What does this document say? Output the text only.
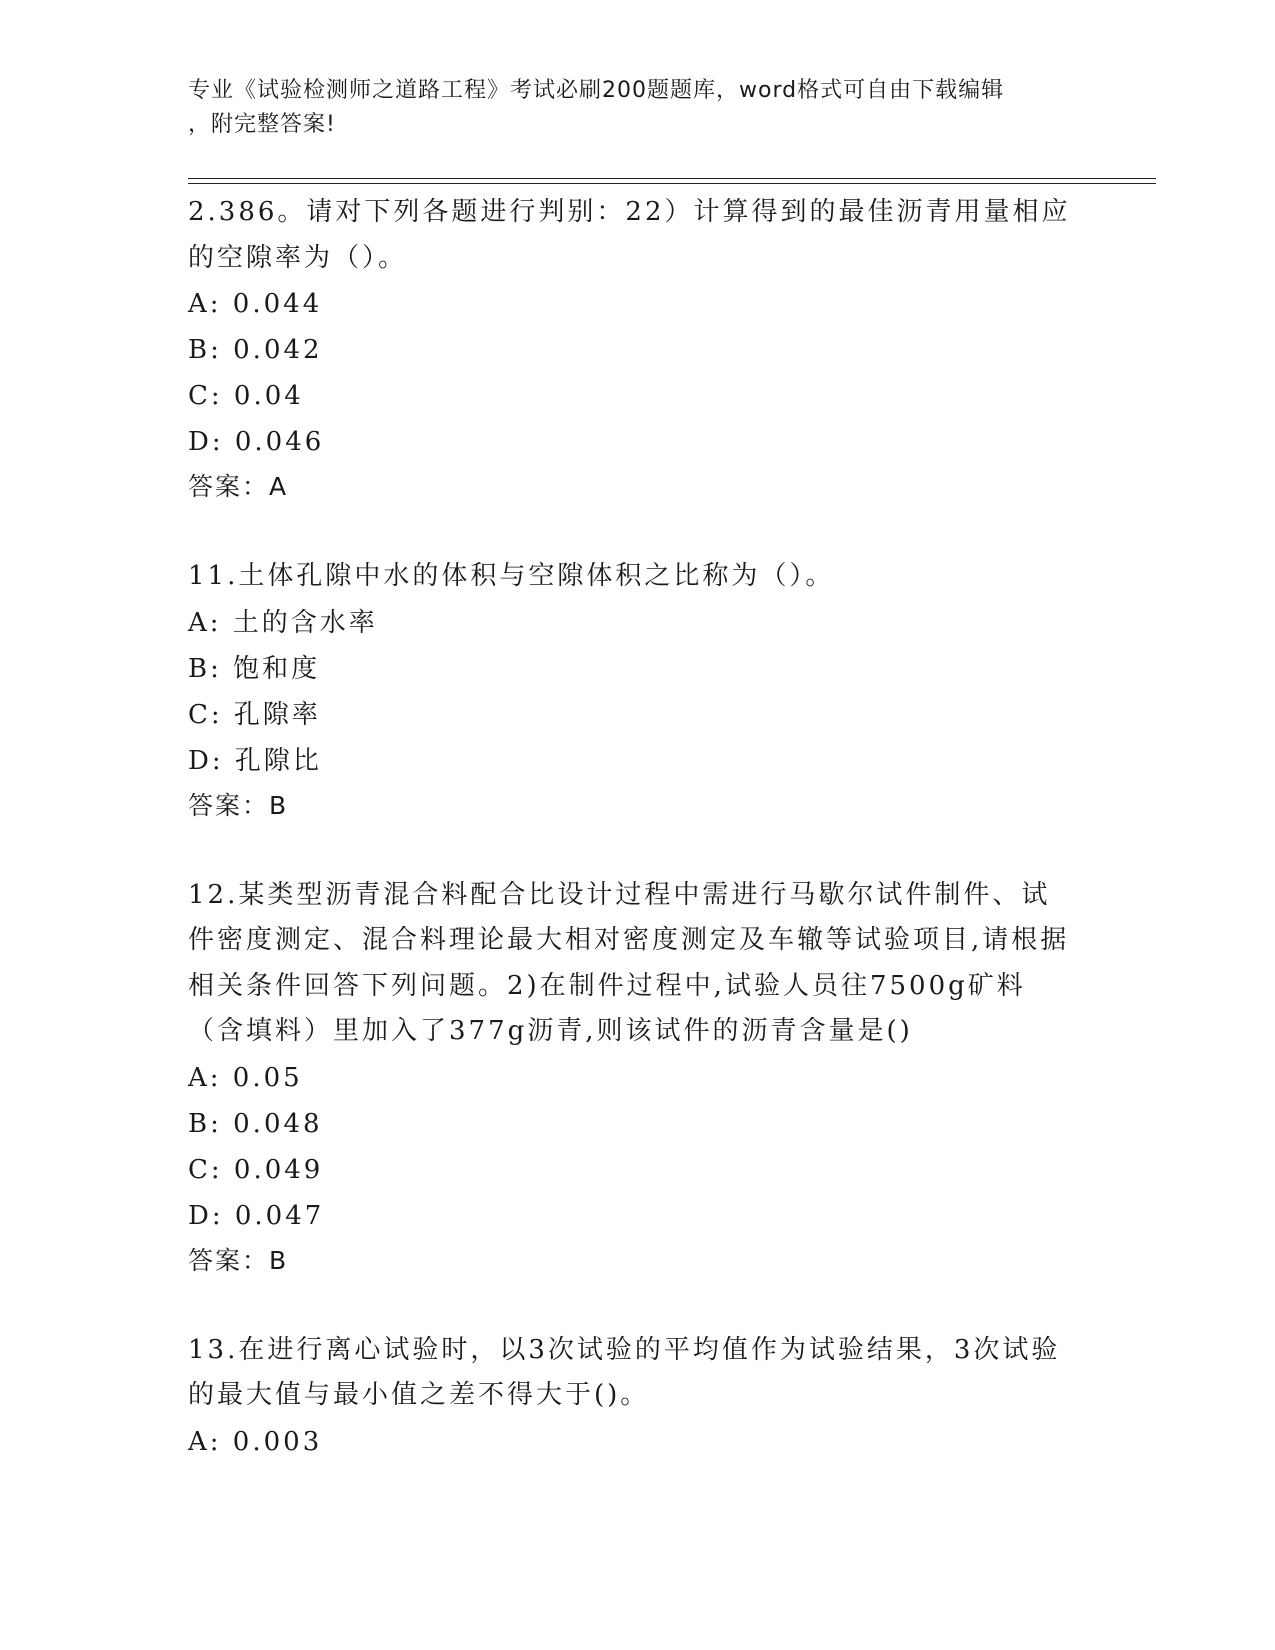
专业《试验检测师之道路工程》考试必刷200题题库，word格式可自由下载编辑
，附完整答案!

2.386。请对下列各题进行判别：22）计算得到的最佳沥青用量相应的空隙率为（）。

A: 0.044

B: 0.042

C: 0.04

D: 0.046

答案：A

11.土体孔隙中水的体积与空隙体积之比称为（）。

A: 土的含水率

B: 饱和度

C: 孔隙率

D: 孔隙比

答案：B

12.某类型沥青混合料配合比设计过程中需进行马歇尔试件制件、试件密度测定、混合料理论最大相对密度测定及车辙等试验项目,请根据相关条件回答下列问题。2)在制件过程中,试验人员往7500g矿料（含填料）里加入了377g沥青,则该试件的沥青含量是()

A: 0.05

B: 0.048

C: 0.049

D: 0.047

答案：B

13.在进行离心试验时，以3次试验的平均值作为试验结果，3次试验的最大值与最小值之差不得大于()。

A: 0.003
